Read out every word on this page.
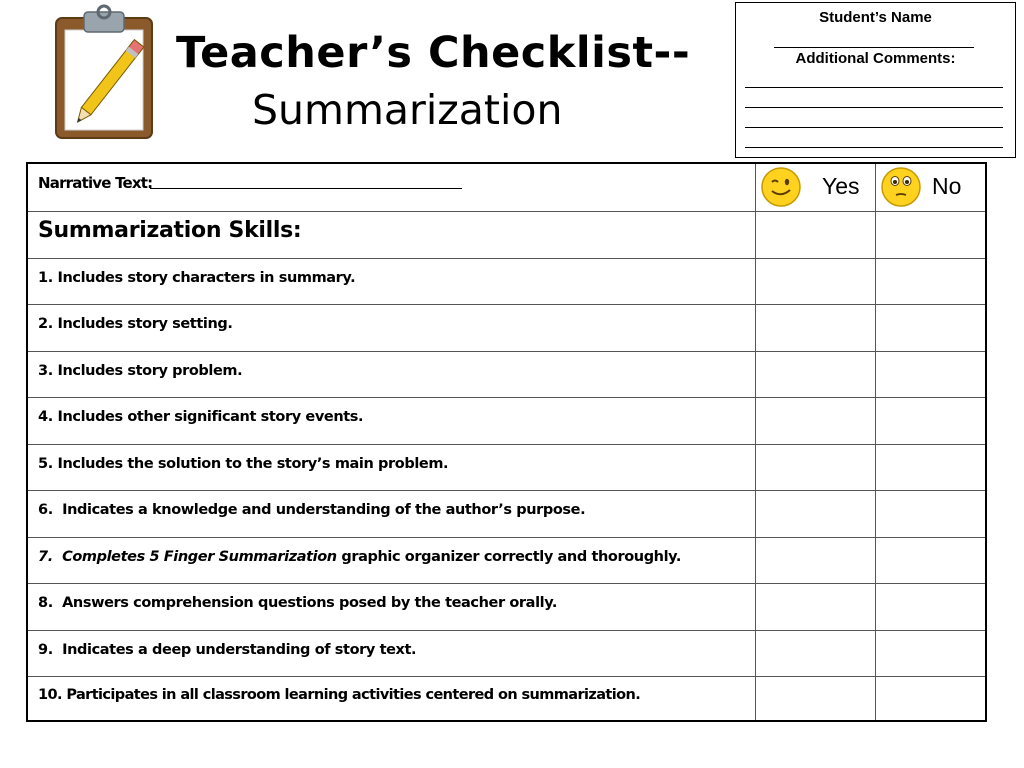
Teacher’s Checklist--
Summarization
Student’s Name
Additional Comments:
Narrative Text:	Yes	No
Summarization Skills:
1. Includes story characters in summary.
2. Includes story setting.
3. Includes story problem.
4. Includes other significant story events.
5. Includes the solution to the story’s main problem.
6. Indicates a knowledge and understanding of the author’s purpose.
7. Completes 5 Finger Summarization graphic organizer correctly and thoroughly.
8. Answers comprehension questions posed by the teacher orally.
9. Indicates a deep understanding of story text.
10. Participates in all classroom learning activities centered on summarization.
